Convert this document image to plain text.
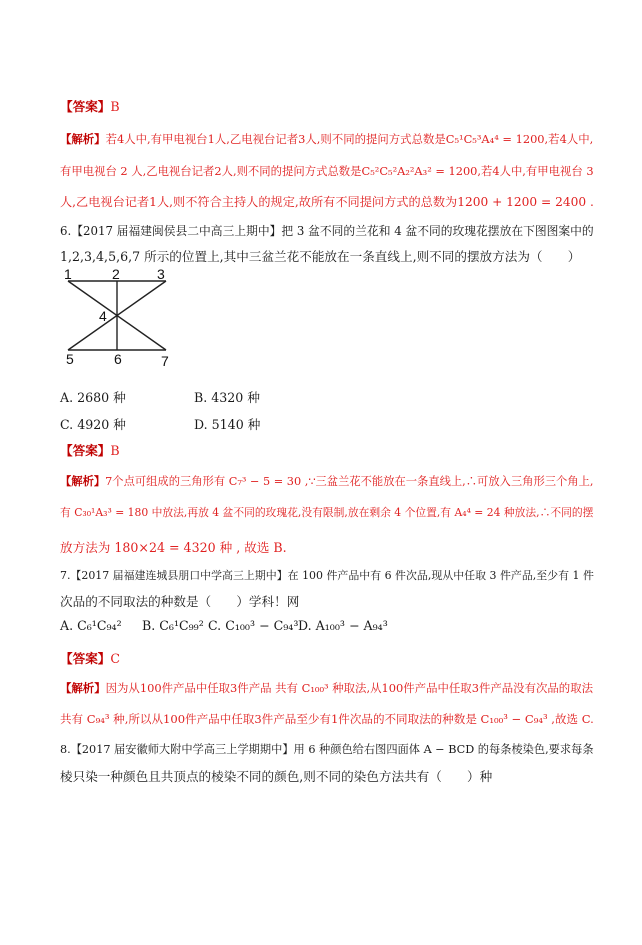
【答案】B
【解析】若4人中,有甲电视台1人,乙电视台记者3人,则不同的提问方式总数是C₅¹C₅³A₄⁴ = 1200,若4人中,
有甲电视台 2 人,乙电视台记者2人,则不同的提问方式总数是C₅²C₅²A₂²A₃² = 1200,若4人中,有甲电视台 3
人,乙电视台记者1人,则不符合主持人的规定,故所有不同提问方式的总数为1200 + 1200 = 2400 .
6.【2017 届福建闽侯县二中高三上期中】把 3 盆不同的兰花和 4 盆不同的玫瑰花摆放在下图图案中的
1,2,3,4,5,6,7 所示的位置上,其中三盆兰花不能放在一条直线上,则不同的摆放方法为（　　）
1	2	3
4
5	6	7
A. 2680 种	B. 4320 种
C. 4920 种	D. 5140 种
【答案】B
【解析】7个点可组成的三角形有 C₇³ − 5 = 30 ,∵三盆兰花不能放在一条直线上,∴可放入三角形三个角上,
有 C₃₀¹A₃³ = 180 中放法,再放 4 盆不同的玫瑰花,没有限制,放在剩余 4 个位置,有 A₄⁴ = 24 种放法,∴不同的摆
放方法为 180×24 = 4320 种 , 故选 B.
7.【2017 届福建连城县朋口中学高三上期中】在 100 件产品中有 6 件次品,现从中任取 3 件产品,至少有 1 件
次品的不同取法的种数是（　　）学科！网
A. C₆¹C₉₄² B. C₆¹C₉₉² C. C₁₀₀³ − C₉₄³ D. A₁₀₀³ − A₉₄³
【答案】C
【解析】因为从100件产品中任取3件产品 共有 C₁₀₀³ 种取法,从100件产品中任取3件产品没有次品的取法
共有 C₉₄³ 种,所以从100件产品中任取3件产品至少有1件次品的不同取法的种数是 C₁₀₀³ − C₉₄³ ,故选 C.
8.【2017 届安徽师大附中学高三上学期期中】用 6 种颜色给右图四面体 A − BCD 的每条棱染色,要求每条
棱只染一种颜色且共顶点的棱染不同的颜色,则不同的染色方法共有（　　）种
